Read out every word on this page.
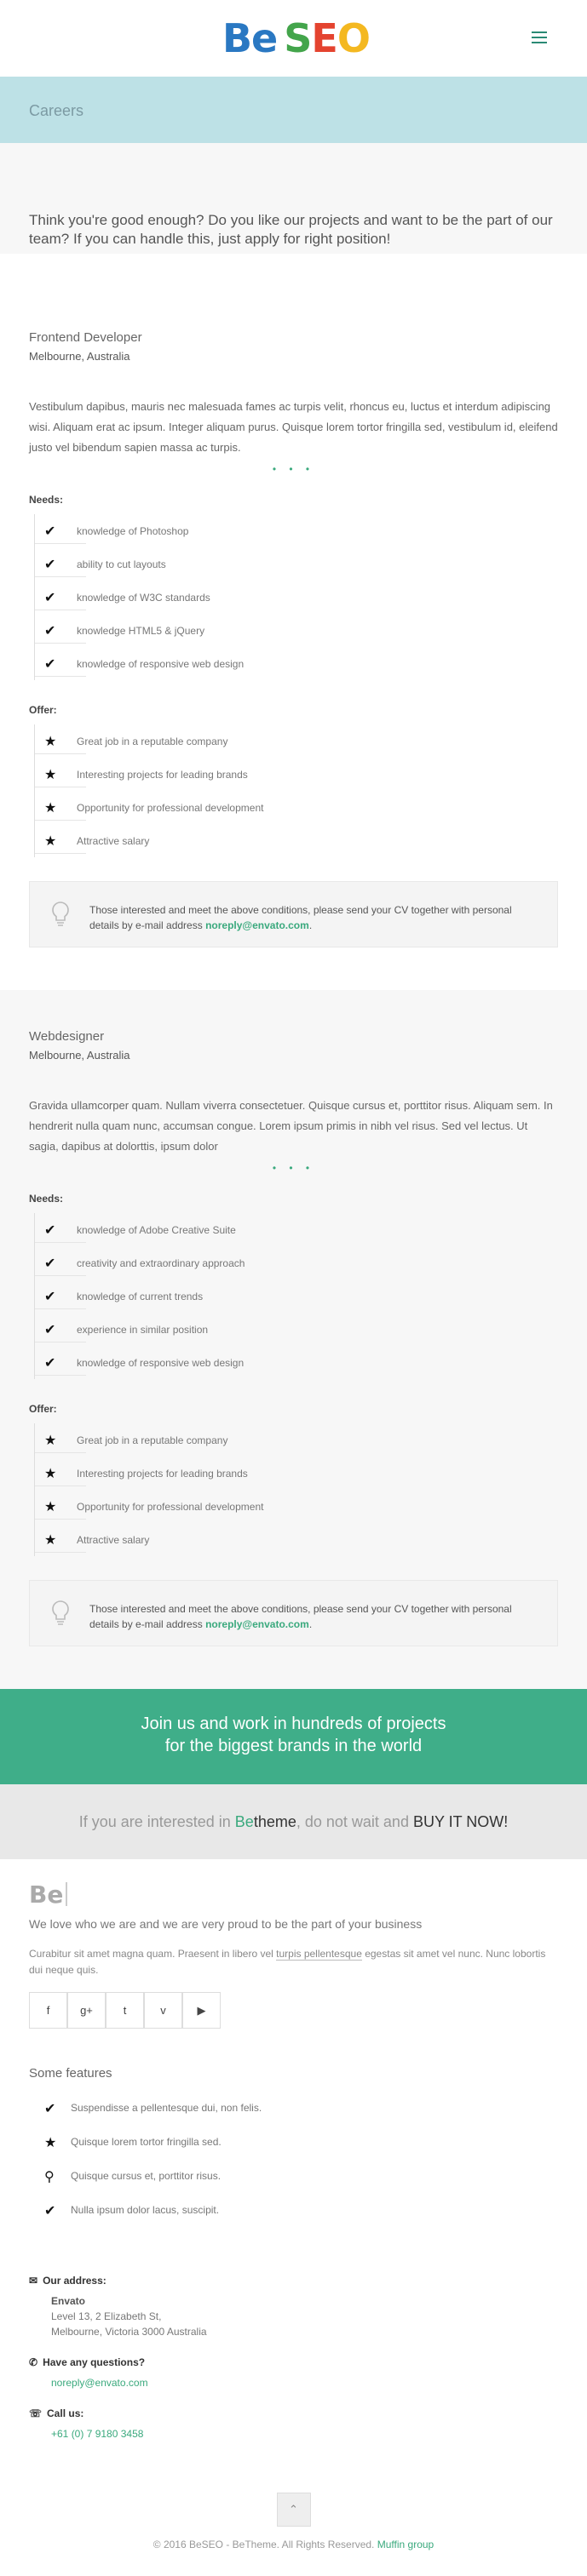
Be S E O
Careers

Think you're good enough? Do you like our projects and want to be the part of our team? If you can handle this, just apply for right position!

Frontend Developer
Melbourne, Australia

Vestibulum dapibus, mauris nec malesuada fames ac turpis velit, rhoncus eu, luctus et interdum adipiscing wisi. Aliquam erat ac ipsum. Integer aliquam purus. Quisque lorem tortor fringilla sed, vestibulum id, eleifend justo vel bibendum sapien massa ac turpis.

• • •
Needs:
✔	knowledge of Photoshop
✔	ability to cut layouts
✔	knowledge of W3C standards
✔	knowledge HTML5 & jQuery
✔	knowledge of responsive web design
Offer:
★	Great job in a reputable company
★	Interesting projects for leading brands
★	Opportunity for professional development
★	Attractive salary
Those interested and meet the above conditions, please send your CV together with personal details by e-mail address noreply@envato.com.
Webdesigner
Melbourne, Australia

Gravida ullamcorper quam. Nullam viverra consectetuer. Quisque cursus et, porttitor risus. Aliquam sem. In hendrerit nulla quam nunc, accumsan congue. Lorem ipsum primis in nibh vel risus. Sed vel lectus. Ut sagia, dapibus at dolorttis, ipsum dolor

• • •
Needs:
✔	knowledge of Adobe Creative Suite
✔	creativity and extraordinary approach
✔	knowledge of current trends
✔	experience in similar position
✔	knowledge of responsive web design
Offer:
★	Great job in a reputable company
★	Interesting projects for leading brands
★	Opportunity for professional development
★	Attractive salary
Those interested and meet the above conditions, please send your CV together with personal details by e-mail address noreply@envato.com.
Join us and work in hundreds of projects
for the biggest brands in the world
If you are interested in Betheme, do not wait and BUY IT NOW!
Be
We love who we are and we are very proud to be the part of your business
Curabitur sit amet magna quam. Praesent in libero vel turpis pellentesque egestas sit amet vel nunc. Nunc lobortis dui neque quis.
f	g+	t	v	▶
Some features
✔ Suspendisse a pellentesque dui, non felis.
★ Quisque lorem tortor fringilla sed.
⚲ Quisque cursus et, porttitor risus.
✔ Nulla ipsum dolor lacus, suscipit.
✉ Our address:
Envato
Level 13, 2 Elizabeth St,
Melbourne, Victoria 3000 Australia
✆ Have any questions?
noreply@envato.com
☏ Call us:
+61 (0) 7 9180 3458
⌃
© 2016 BeSEO - BeTheme. All Rights Reserved. Muffin group
